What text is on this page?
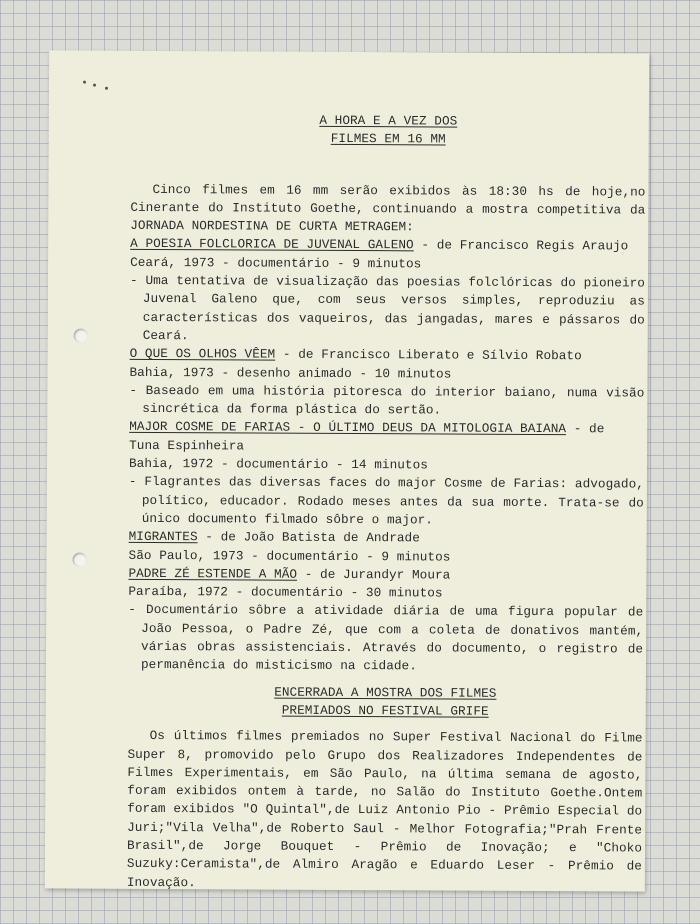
A HORA E A VEZ DOS
FILMES EM 16 MM
Cinco filmes em 16 mm serão exibidos às 18:30 hs de hoje,no Cinerante do Instituto Goethe, continuando a mostra competitiva da JORNADA NORDESTINA DE CURTA METRAGEM:
A POESIA FOLCLORICA DE JUVENAL GALENO - de Francisco Regis Araujo
Ceará, 1973 - documentário - 9 minutos
- Uma tentativa de visualização das poesias folclóricas do pioneiro Juvenal Galeno que, com seus versos simples, reproduziu as características dos vaqueiros, das jangadas, mares e pássaros do Ceará.
O QUE OS OLHOS VÊEM - de Francisco Liberato e Sílvio Robato
Bahia, 1973 - desenho animado - 10 minutos
- Baseado em uma história pitoresca do interior baiano, numa visão sincrética da forma plástica do sertão.
MAJOR COSME DE FARIAS - O ÚLTIMO DEUS DA MITOLOGIA BAIANA - de
Tuna Espinheira
Bahia, 1972 - documentário - 14 minutos
- Flagrantes das diversas faces do major Cosme de Farias: advogado, político, educador. Rodado meses antes da sua morte. Trata-se do único documento filmado sôbre o major.
MIGRANTES - de João Batista de Andrade
São Paulo, 1973 - documentário - 9 minutos
PADRE ZÉ ESTENDE A MÃO - de Jurandyr Moura
Paraíba, 1972 - documentário - 30 minutos
- Documentário sôbre a atividade diária de uma figura popular de João Pessoa, o Padre Zé, que com a coleta de donativos mantém, várias obras assistenciais. Através do documento, o registro de permanência do misticismo na cidade.
ENCERRADA A MOSTRA DOS FILMES
PREMIADOS NO FESTIVAL GRIFE
Os últimos filmes premiados no Super Festival Nacional do Filme Super 8, promovido pelo Grupo dos Realizadores Independentes de Filmes Experimentais, em São Paulo, na última semana de agosto, foram exibidos ontem à tarde, no Salão do Instituto Goethe.Ontem foram exibidos "O Quintal",de Luiz Antonio Pio - Prêmio Especial do Juri;"Vila Velha",de Roberto Saul - Melhor Fotografia;"Prah Frente Brasil",de Jorge Bouquet - Prêmio de Inovação; e "Choko Suzuky:Ceramista",de Almiro Aragão e Eduardo Leser - Prêmio de Inovação.
